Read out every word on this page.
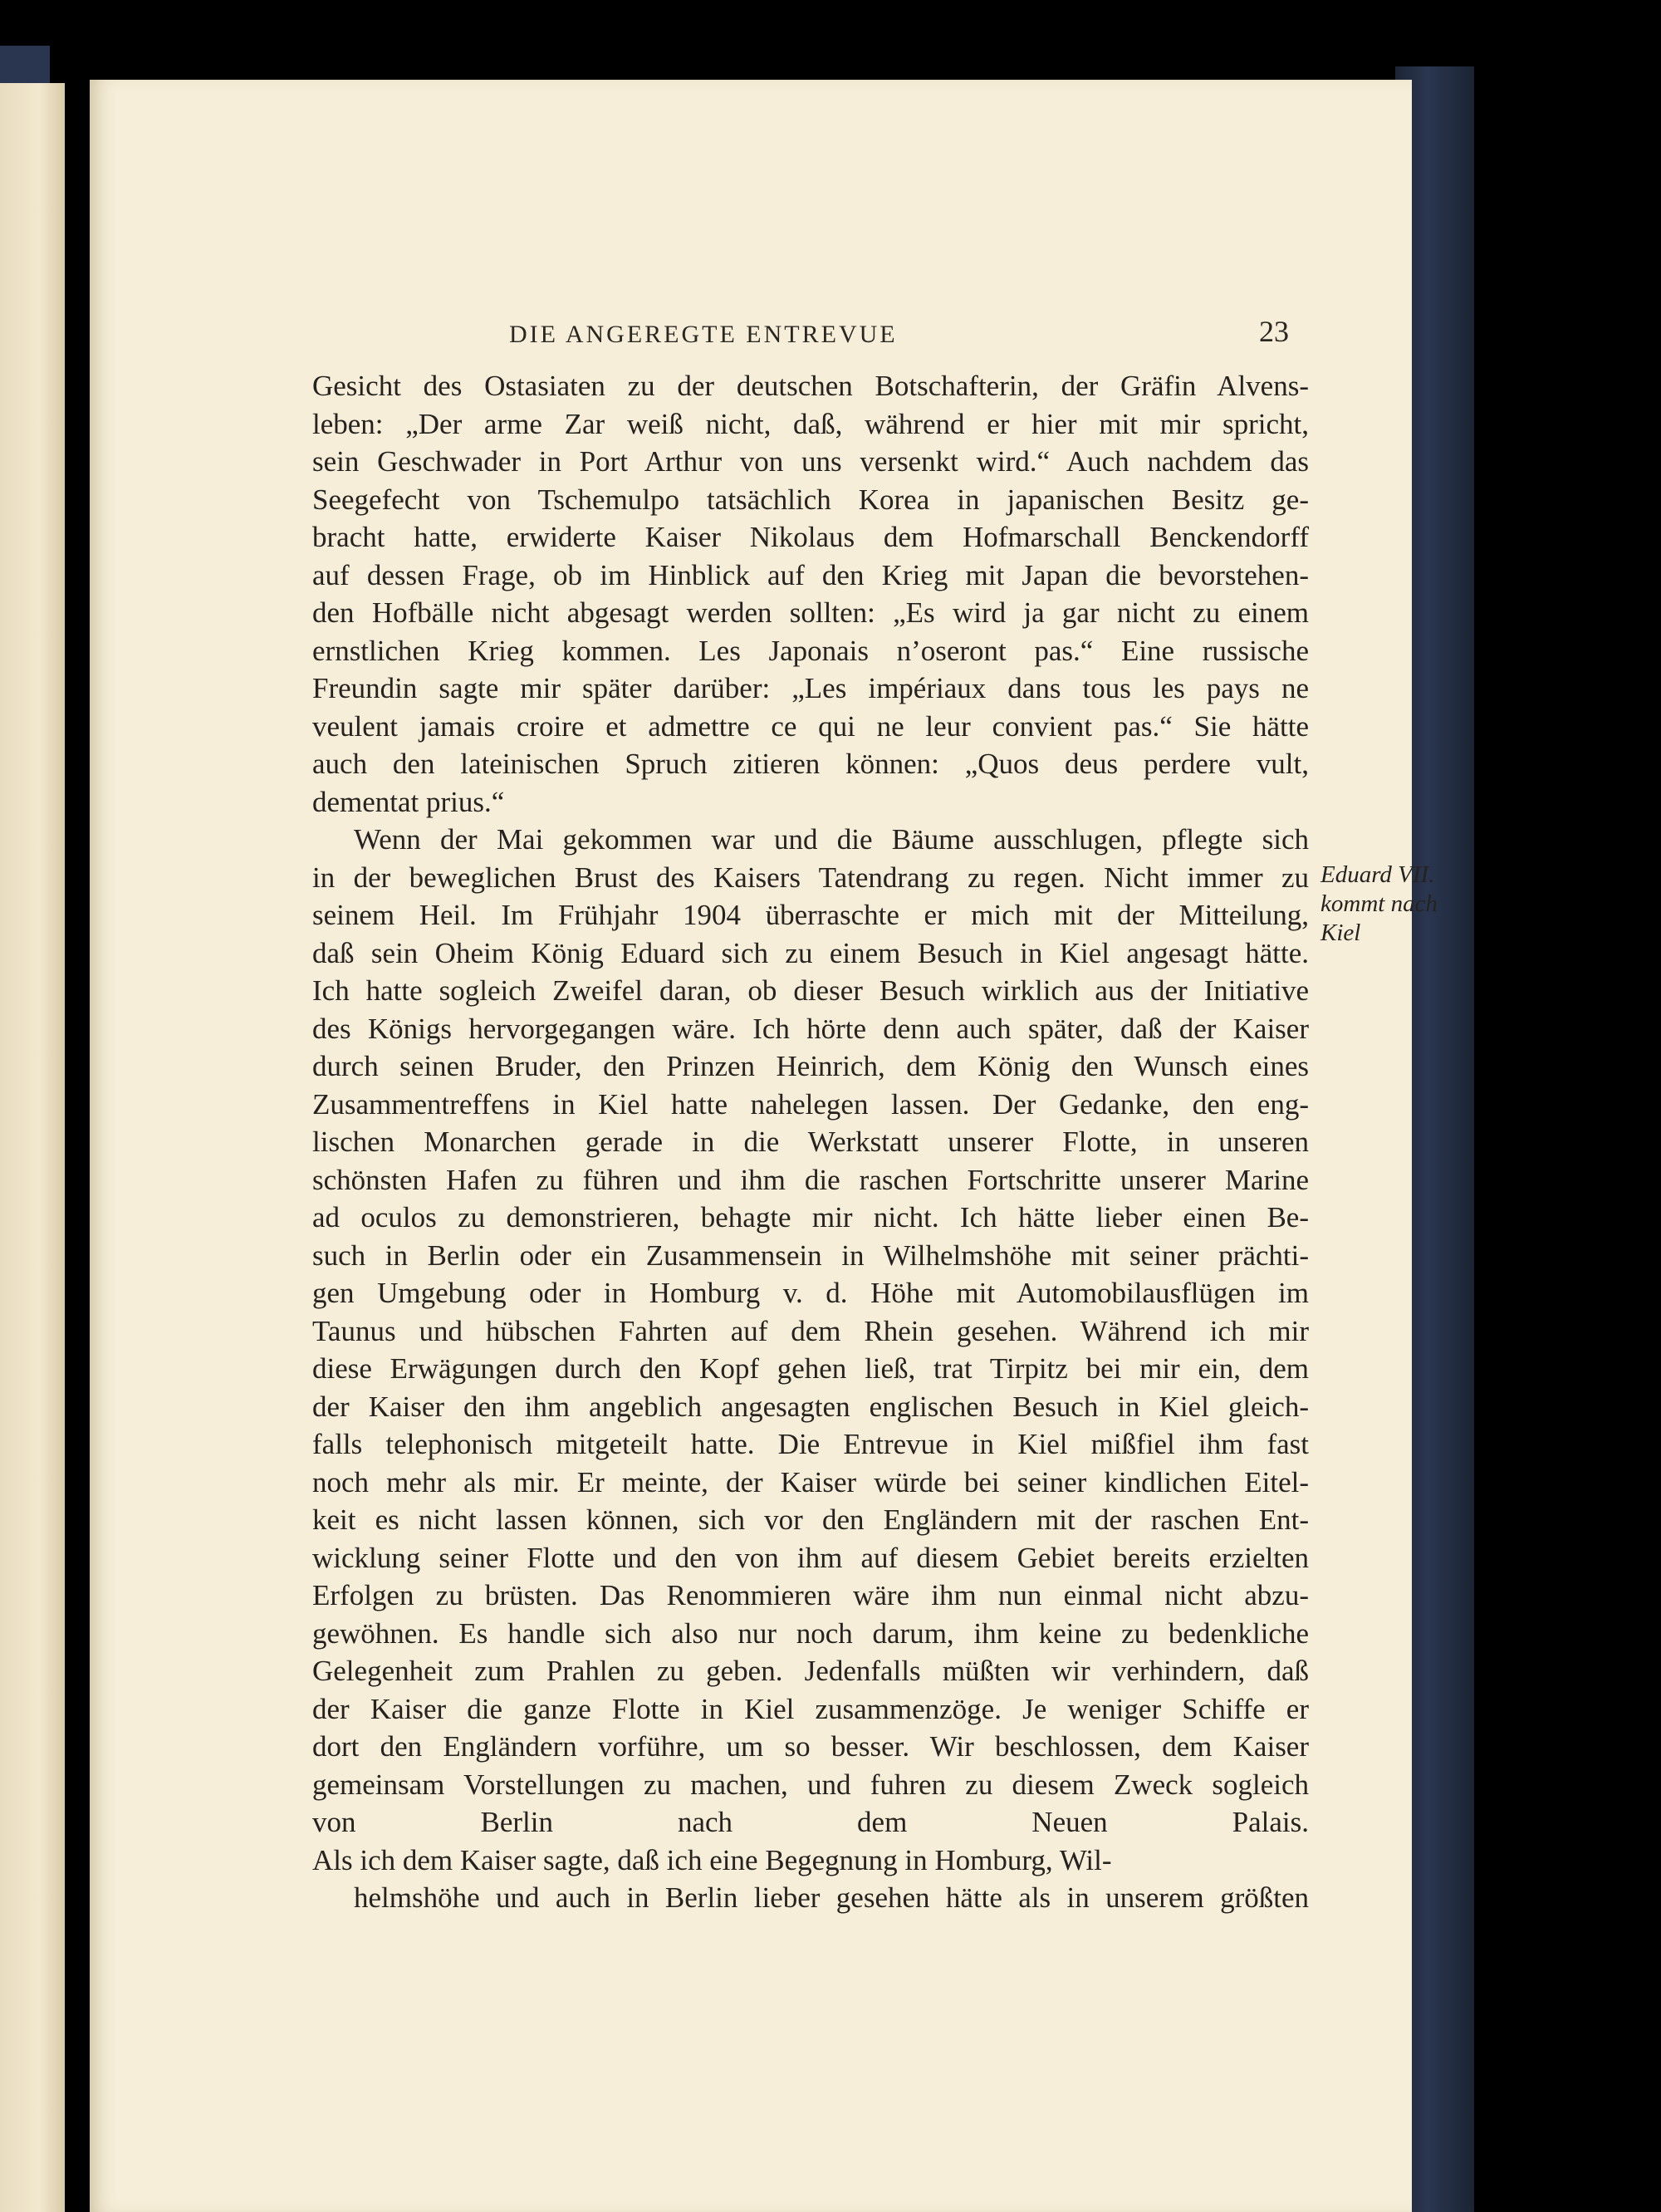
DIE ANGEREGTE ENTREVUE	23
Eduard VII.
kommt nach
Kiel
Gesicht des Ostasiaten zu der deutschen Botschafterin, der Gräfin Alvens-
leben: „Der arme Zar weiß nicht, daß, während er hier mit mir spricht,
sein Geschwader in Port Arthur von uns versenkt wird.“ Auch nachdem das
Seegefecht von Tschemulpo tatsächlich Korea in japanischen Besitz ge-
bracht hatte, erwiderte Kaiser Nikolaus dem Hofmarschall Benckendorff
auf dessen Frage, ob im Hinblick auf den Krieg mit Japan die bevorstehen-
den Hofbälle nicht abgesagt werden sollten: „Es wird ja gar nicht zu einem
ernstlichen Krieg kommen. Les Japonais n’oseront pas.“ Eine russische
Freundin sagte mir später darüber: „Les impériaux dans tous les pays ne
veulent jamais croire et admettre ce qui ne leur convient pas.“ Sie hätte
auch den lateinischen Spruch zitieren können: „Quos deus perdere vult,
dementat prius.“
Wenn der Mai gekommen war und die Bäume ausschlugen, pflegte sich
in der beweglichen Brust des Kaisers Tatendrang zu regen. Nicht immer zu
seinem Heil. Im Frühjahr 1904 überraschte er mich mit der Mitteilung,
daß sein Oheim König Eduard sich zu einem Besuch in Kiel angesagt hätte.
Ich hatte sogleich Zweifel daran, ob dieser Besuch wirklich aus der Initiative
des Königs hervorgegangen wäre. Ich hörte denn auch später, daß der Kaiser
durch seinen Bruder, den Prinzen Heinrich, dem König den Wunsch eines
Zusammentreffens in Kiel hatte nahelegen lassen. Der Gedanke, den eng-
lischen Monarchen gerade in die Werkstatt unserer Flotte, in unseren
schönsten Hafen zu führen und ihm die raschen Fortschritte unserer Marine
ad oculos zu demonstrieren, behagte mir nicht. Ich hätte lieber einen Be-
such in Berlin oder ein Zusammensein in Wilhelmshöhe mit seiner prächti-
gen Umgebung oder in Homburg v. d. Höhe mit Automobilausflügen im
Taunus und hübschen Fahrten auf dem Rhein gesehen. Während ich mir
diese Erwägungen durch den Kopf gehen ließ, trat Tirpitz bei mir ein, dem
der Kaiser den ihm angeblich angesagten englischen Besuch in Kiel gleich-
falls telephonisch mitgeteilt hatte. Die Entrevue in Kiel mißfiel ihm fast
noch mehr als mir. Er meinte, der Kaiser würde bei seiner kindlichen Eitel-
keit es nicht lassen können, sich vor den Engländern mit der raschen Ent-
wicklung seiner Flotte und den von ihm auf diesem Gebiet bereits erzielten
Erfolgen zu brüsten. Das Renommieren wäre ihm nun einmal nicht abzu-
gewöhnen. Es handle sich also nur noch darum, ihm keine zu bedenkliche
Gelegenheit zum Prahlen zu geben. Jedenfalls müßten wir verhindern, daß
der Kaiser die ganze Flotte in Kiel zusammenzöge. Je weniger Schiffe er
dort den Engländern vorführe, um so besser. Wir beschlossen, dem Kaiser
gemeinsam Vorstellungen zu machen, und fuhren zu diesem Zweck sogleich
von Berlin nach dem Neuen Palais.
Als ich dem Kaiser sagte, daß ich eine Begegnung in Homburg, Wil-
helmshöhe und auch in Berlin lieber gesehen hätte als in unserem größten
